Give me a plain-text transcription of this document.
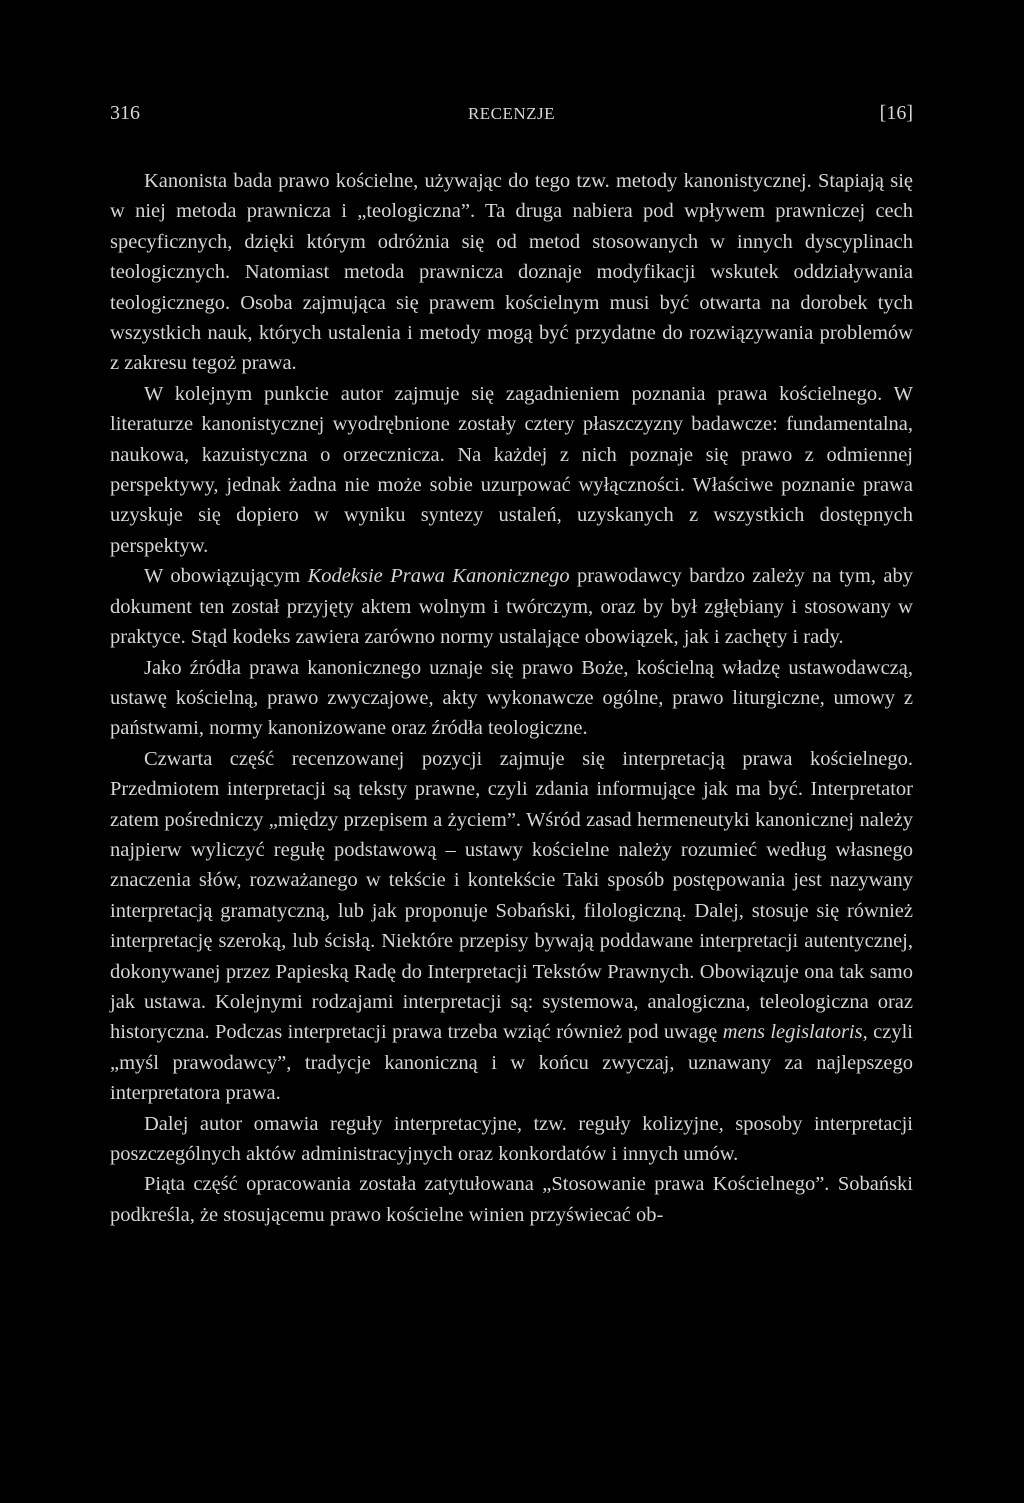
316	RECENZJE	[16]

Kanonista bada prawo kościelne, używając do tego tzw. metody kanonistycznej. Stapiają się w niej metoda prawnicza i „teologiczna”. Ta druga nabiera pod wpływem prawniczej cech specyficznych, dzięki którym odróżnia się od metod stosowanych w innych dyscyplinach teologicznych. Natomiast metoda prawnicza doznaje modyfikacji wskutek oddziaływania teologicznego. Osoba zajmująca się prawem kościelnym musi być otwarta na dorobek tych wszystkich nauk, których ustalenia i metody mogą być przydatne do rozwiązywania problemów z zakresu tegoż prawa.

W kolejnym punkcie autor zajmuje się zagadnieniem poznania prawa kościelnego. W literaturze kanonistycznej wyodrębnione zostały cztery płaszczyzny badawcze: fundamentalna, naukowa, kazuistyczna o orzecznicza. Na każdej z nich poznaje się prawo z odmiennej perspektywy, jednak żadna nie może sobie uzurpować wyłączności. Właściwe poznanie prawa uzyskuje się dopiero w wyniku syntezy ustaleń, uzyskanych z wszystkich dostępnych perspektyw.

W obowiązującym Kodeksie Prawa Kanonicznego prawodawcy bardzo zależy na tym, aby dokument ten został przyjęty aktem wolnym i twórczym, oraz by był zgłębiany i stosowany w praktyce. Stąd kodeks zawiera zarówno normy ustalające obowiązek, jak i zachęty i rady.

Jako źródła prawa kanonicznego uznaje się prawo Boże, kościelną władzę ustawodawczą, ustawę kościelną, prawo zwyczajowe, akty wykonawcze ogólne, prawo liturgiczne, umowy z państwami, normy kanonizowane oraz źródła teologiczne.

Czwarta część recenzowanej pozycji zajmuje się interpretacją prawa kościelnego. Przedmiotem interpretacji są teksty prawne, czyli zdania informujące jak ma być. Interpretator zatem pośredniczy „między przepisem a życiem”. Wśród zasad hermeneutyki kanonicznej należy najpierw wyliczyć regułę podstawową – ustawy kościelne należy rozumieć według własnego znaczenia słów, rozważanego w tekście i kontekście Taki sposób postępowania jest nazywany interpretacją gramatyczną, lub jak proponuje Sobański, filologiczną. Dalej, stosuje się również interpretację szeroką, lub ścisłą. Niektóre przepisy bywają poddawane interpretacji autentycznej, dokonywanej przez Papieską Radę do Interpretacji Tekstów Prawnych. Obowiązuje ona tak samo jak ustawa. Kolejnymi rodzajami interpretacji są: systemowa, analogiczna, teleologiczna oraz historyczna. Podczas interpretacji prawa trzeba wziąć również pod uwagę mens legislatoris, czyli „myśl prawodawcy”, tradycje kanoniczną i w końcu zwyczaj, uznawany za najlepszego interpretatora prawa.

Dalej autor omawia reguły interpretacyjne, tzw. reguły kolizyjne, sposoby interpretacji poszczególnych aktów administracyjnych oraz konkordatów i innych umów.

Piąta część opracowania została zatytułowana „Stosowanie prawa Kościelnego”. Sobański podkreśla, że stosującemu prawo kościelne winien przyświecać ob-
